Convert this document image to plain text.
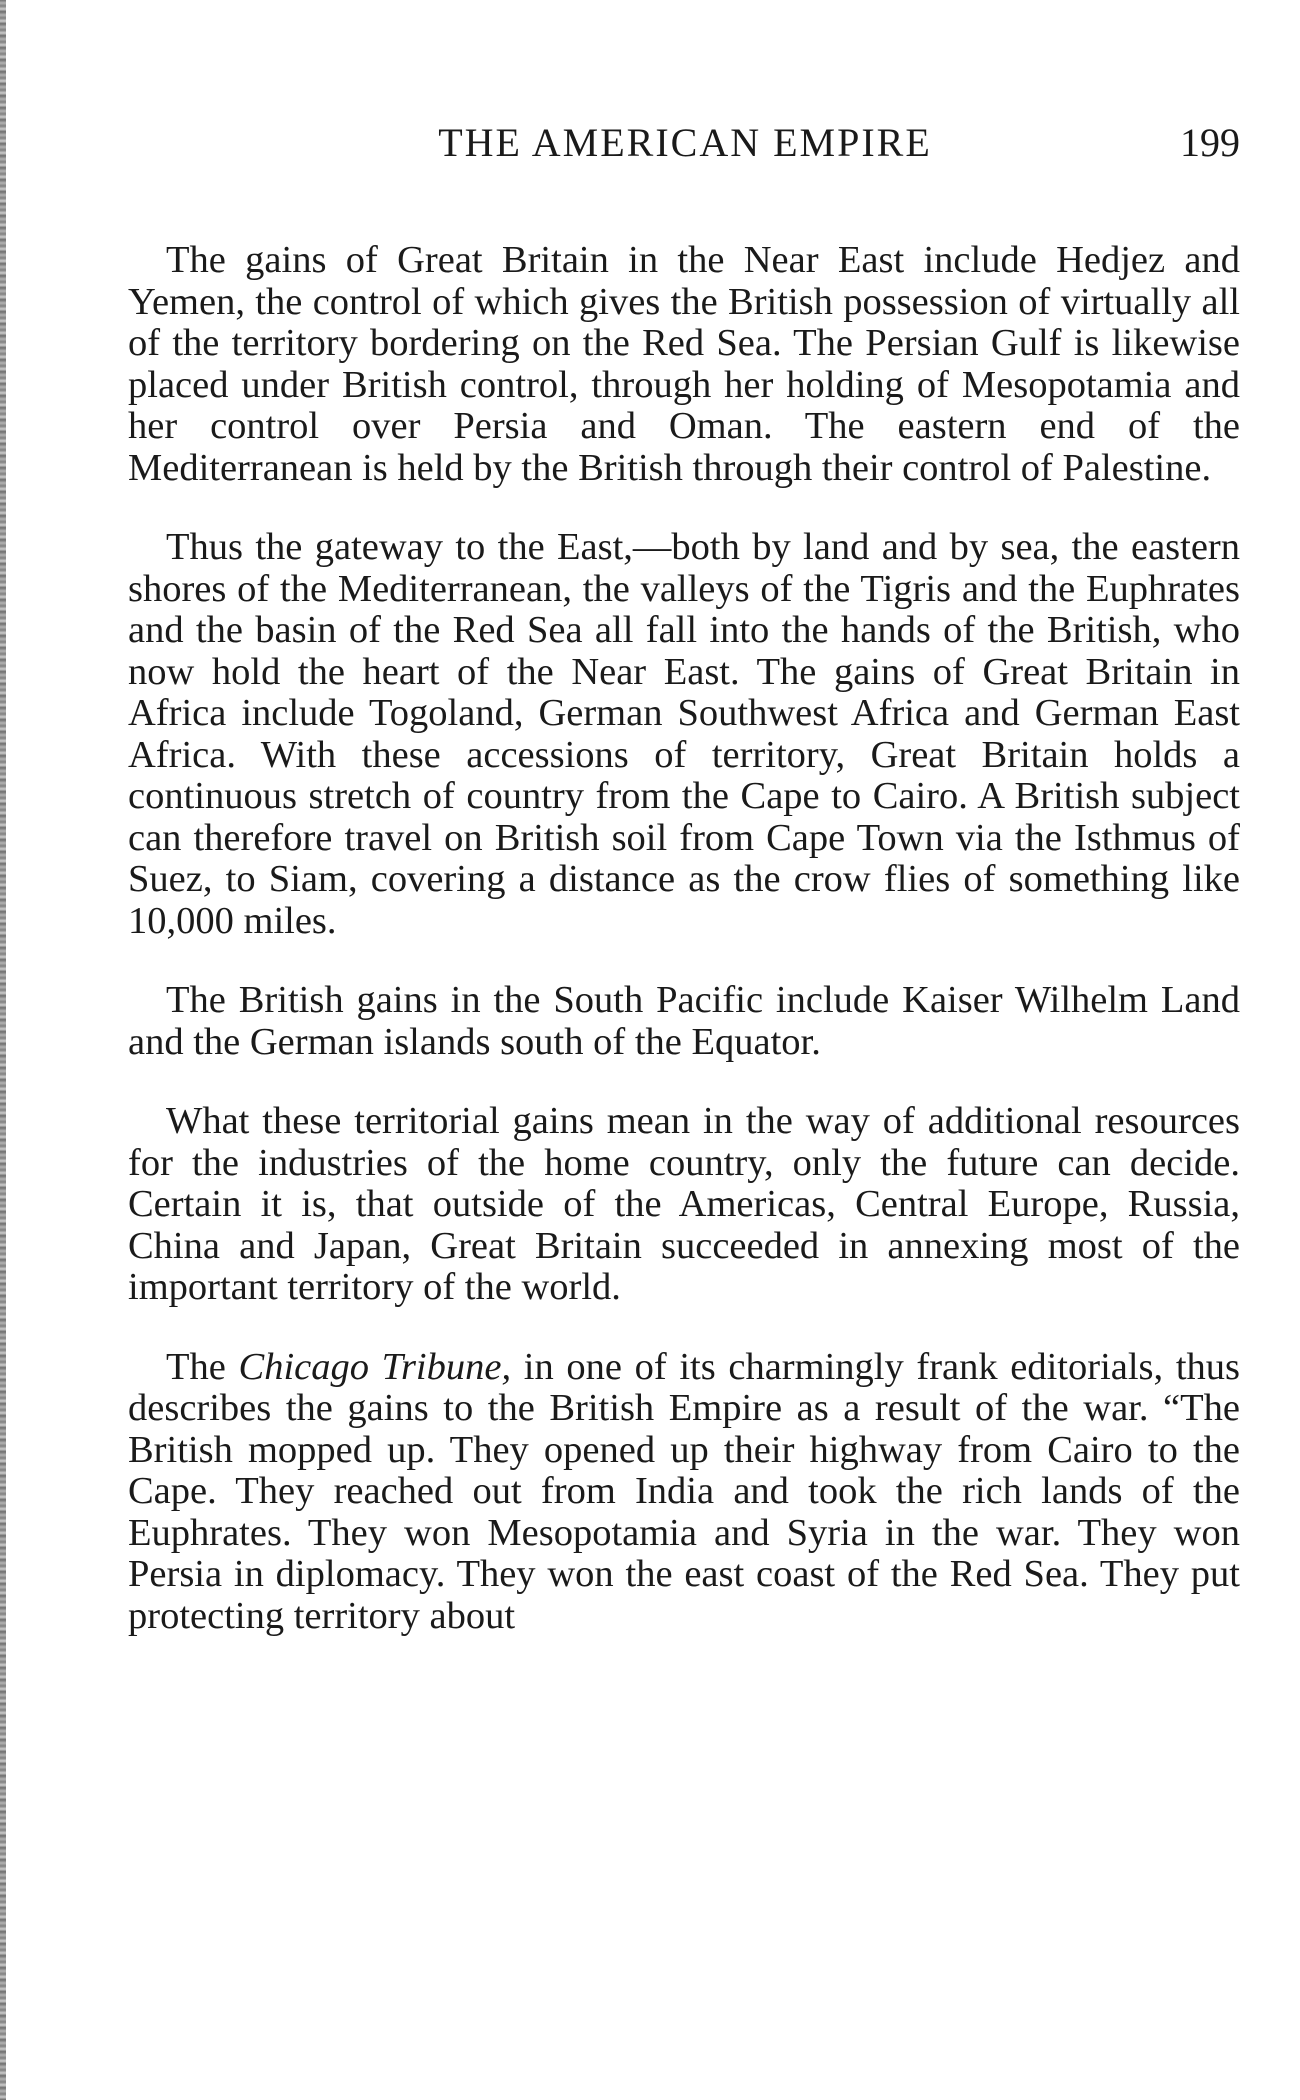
THE AMERICAN EMPIRE	199

The gains of Great Britain in the Near East include Hedjez and Yemen, the control of which gives the British possession of virtually all of the territory bordering on the Red Sea. The Persian Gulf is likewise placed under British control, through her holding of Mesopotamia and her control over Persia and Oman. The eastern end of the Mediterranean is held by the British through their control of Palestine.

Thus the gateway to the East,—both by land and by sea, the eastern shores of the Mediterranean, the valleys of the Tigris and the Euphrates and the basin of the Red Sea all fall into the hands of the British, who now hold the heart of the Near East. The gains of Great Britain in Africa include Togoland, German Southwest Africa and German East Africa. With these accessions of territory, Great Britain holds a continuous stretch of country from the Cape to Cairo. A British subject can therefore travel on British soil from Cape Town via the Isthmus of Suez, to Siam, covering a distance as the crow flies of something like 10,000 miles.

The British gains in the South Pacific include Kaiser Wilhelm Land and the German islands south of the Equator.

What these territorial gains mean in the way of additional resources for the industries of the home country, only the future can decide. Certain it is, that outside of the Americas, Central Europe, Russia, China and Japan, Great Britain succeeded in annexing most of the important territory of the world.

The Chicago Tribune, in one of its charmingly frank editorials, thus describes the gains to the British Empire as a result of the war. “The British mopped up. They opened up their highway from Cairo to the Cape. They reached out from India and took the rich lands of the Euphrates. They won Mesopotamia and Syria in the war. They won Persia in diplomacy. They won the east coast of the Red Sea. They put protecting territory about
